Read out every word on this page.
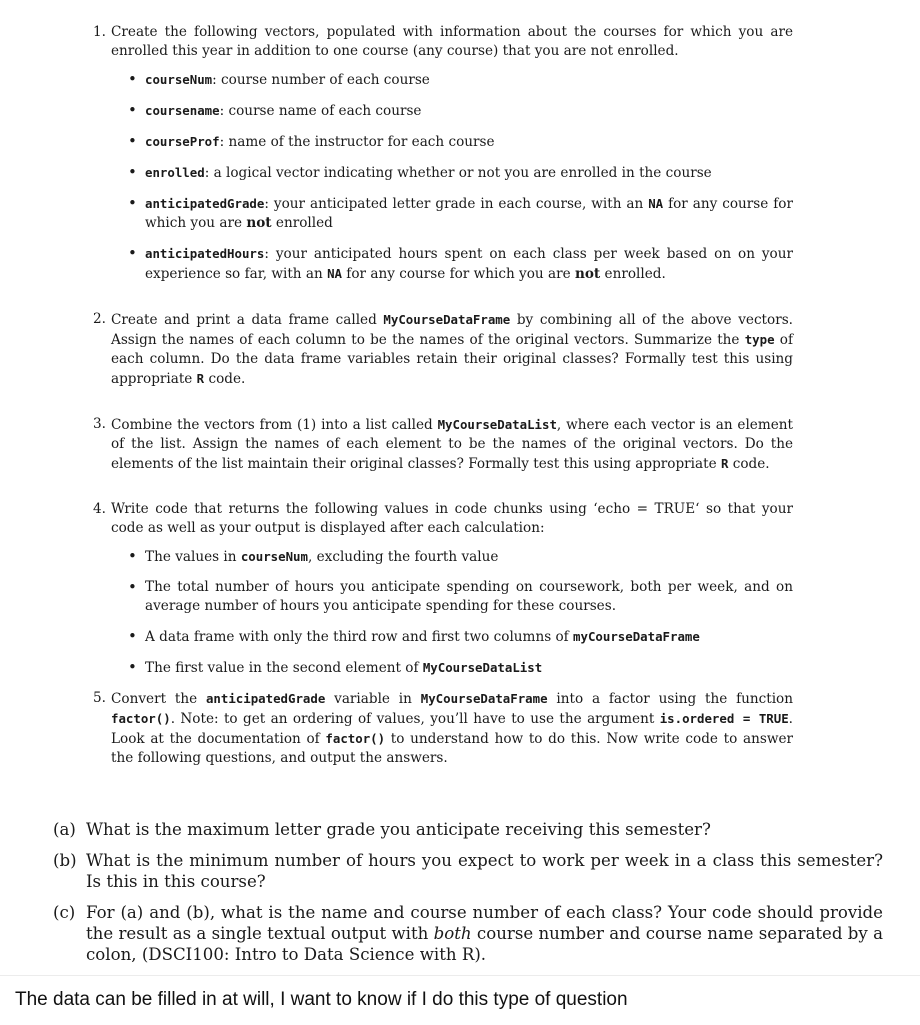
1. Create the following vectors, populated with information about the courses for which you are enrolled this year in addition to one course (any course) that you are not enrolled.

• courseNum: course number of each course
• coursename: course name of each course
• courseProf: name of the instructor for each course
• enrolled: a logical vector indicating whether or not you are enrolled in the course
• anticipatedGrade: your anticipated letter grade in each course, with an NA for any course for which you are not enrolled
• anticipatedHours: your anticipated hours spent on each class per week based on on your experience so far, with an NA for any course for which you are not enrolled.
2. Create and print a data frame called MyCourseDataFrame by combining all of the above vectors. Assign the names of each column to be the names of the original vectors. Summarize the type of each column. Do the data frame variables retain their original classes? Formally test this using appropriate R code.

3. Combine the vectors from (1) into a list called MyCourseDataList, where each vector is an element of the list. Assign the names of each element to be the names of the original vectors. Do the elements of the list maintain their original classes? Formally test this using appropriate R code.

4. Write code that returns the following values in code chunks using ‘echo = TRUE‘ so that your code as well as your output is displayed after each calculation:

• The values in courseNum, excluding the fourth value
• The total number of hours you anticipate spending on coursework, both per week, and on average number of hours you anticipate spending for these courses.
• A data frame with only the third row and first two columns of myCourseDataFrame
• The first value in the second element of MyCourseDataList
5. Convert the anticipatedGrade variable in MyCourseDataFrame into a factor using the function factor(). Note: to get an ordering of values, you’ll have to use the argument is.ordered = TRUE. Look at the documentation of factor() to understand how to do this. Now write code to answer the following questions, and output the answers.

(a) What is the maximum letter grade you anticipate receiving this semester?

(b) What is the minimum number of hours you expect to work per week in a class this semester? Is this in this course?

(c) For (a) and (b), what is the name and course number of each class? Your code should provide the result as a single textual output with both course number and course name separated by a colon, (DSCI100: Intro to Data Science with R).

The data can be filled in at will, I want to know if I do this type of question
